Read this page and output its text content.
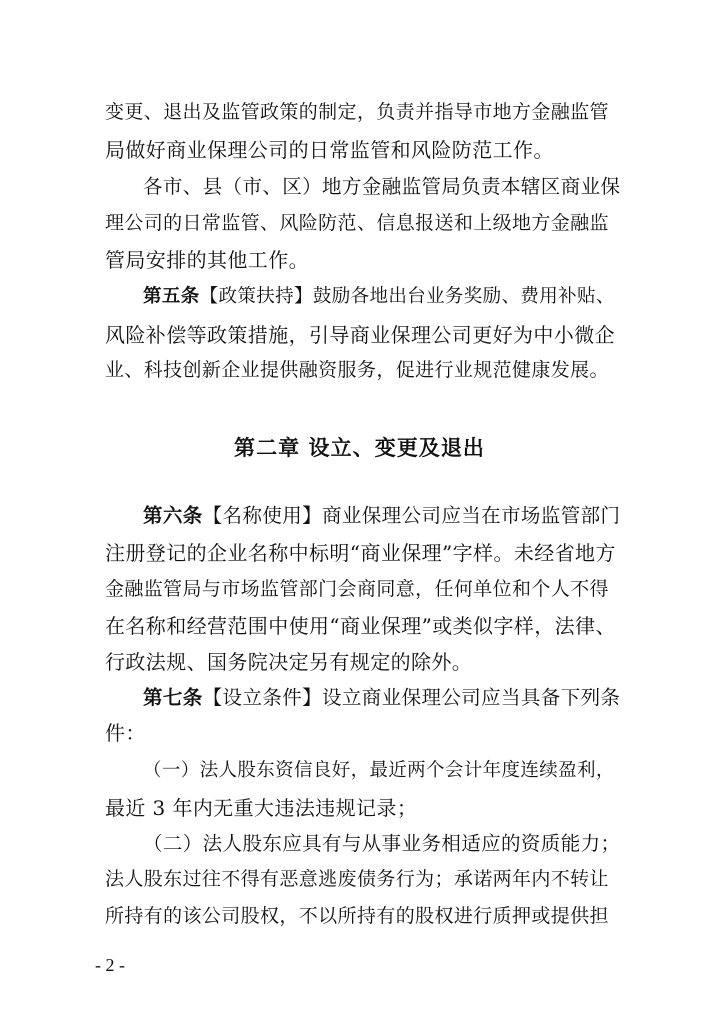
变更、退出及监管政策的制定，负责并指导市地方金融监管
局做好商业保理公司的日常监管和风险防范工作。
各市、县（市、区）地方金融监管局负责本辖区商业保
理公司的日常监管、风险防范、信息报送和上级地方金融监
管局安排的其他工作。
第五条【政策扶持】鼓励各地出台业务奖励、费用补贴、
风险补偿等政策措施，引导商业保理公司更好为中小微企
业、科技创新企业提供融资服务，促进行业规范健康发展。
第二章 设立、变更及退出
第六条【名称使用】商业保理公司应当在市场监管部门
注册登记的企业名称中标明“商业保理”字样。未经省地方
金融监管局与市场监管部门会商同意，任何单位和个人不得
在名称和经营范围中使用“商业保理”或类似字样，法律、
行政法规、国务院决定另有规定的除外。
第七条【设立条件】设立商业保理公司应当具备下列条
件：
（一）法人股东资信良好，最近两个会计年度连续盈利，
最近 3 年内无重大违法违规记录；
（二）法人股东应具有与从事业务相适应的资质能力；
法人股东过往不得有恶意逃废债务行为；承诺两年内不转让
所持有的该公司股权，不以所持有的股权进行质押或提供担
- 2 -
